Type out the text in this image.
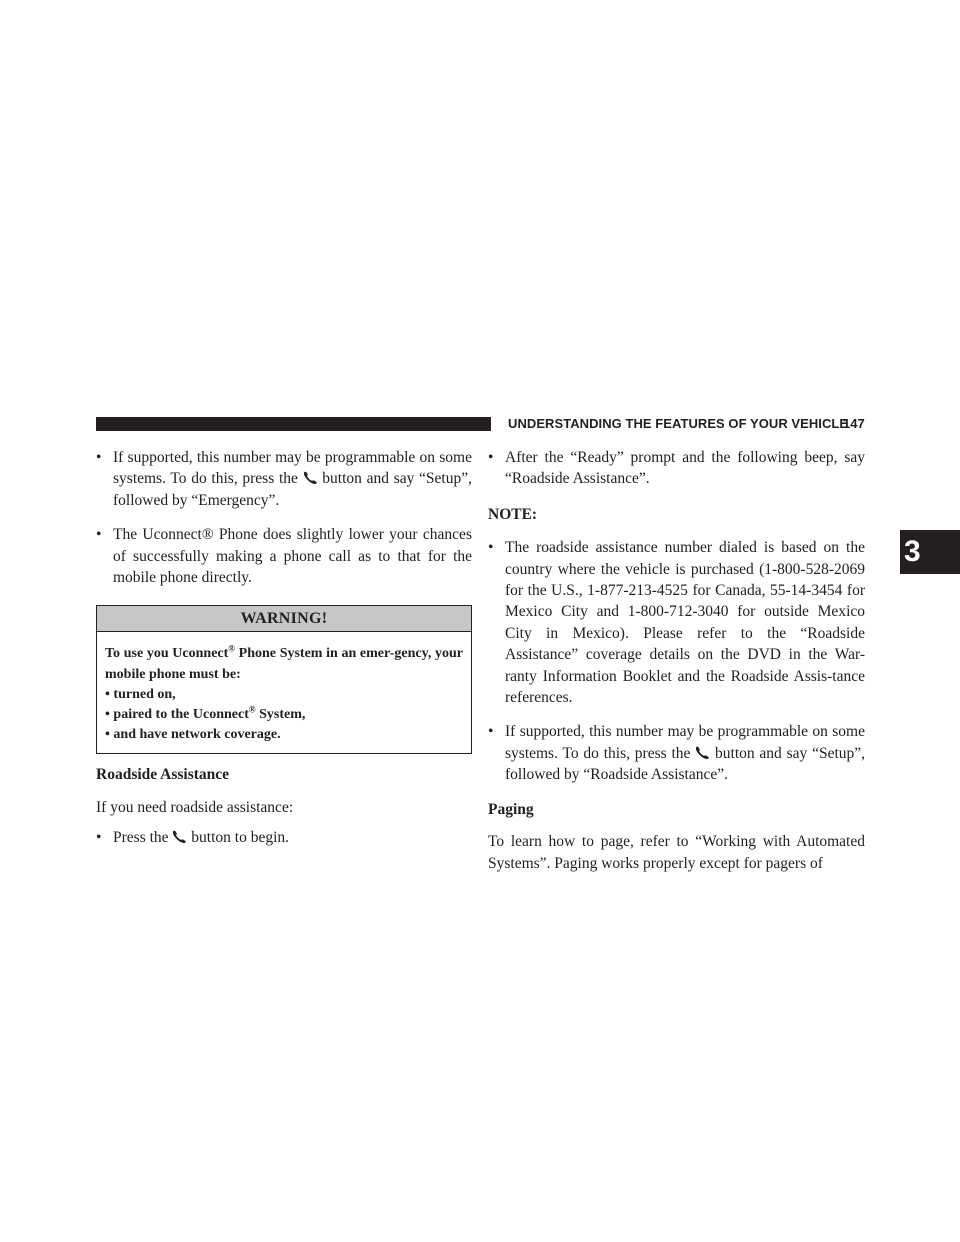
UNDERSTANDING THE FEATURES OF YOUR VEHICLE
147
3
• If supported, this number may be programmable on some systems. To do this, press the button and say “Setup”, followed by “Emergency”.
• The Uconnect® Phone does slightly lower your chances of successfully making a phone call as to that for the mobile phone directly.
WARNING!

To use you Uconnect® Phone System in an emer-gency, your mobile phone must be:

• turned on,
• paired to the Uconnect® System,
• and have network coverage.

Roadside Assistance

If you need roadside assistance:

• Press the button to begin.
• After the “Ready” prompt and the following beep, say “Roadside Assistance”.

NOTE:

• The roadside assistance number dialed is based on the country where the vehicle is purchased (1-800-528-2069 for the U.S., 1-877-213-4525 for Canada, 55-14-3454 for Mexico City and 1-800-712-3040 for outside Mexico City in Mexico). Please refer to the “Roadside Assistance” coverage details on the DVD in the War-ranty Information Booklet and the Roadside Assis-tance references.
• If supported, this number may be programmable on some systems. To do this, press the button and say “Setup”, followed by “Roadside Assistance”.

Paging

To learn how to page, refer to “Working with Automated Systems”. Paging works properly except for pagers of
